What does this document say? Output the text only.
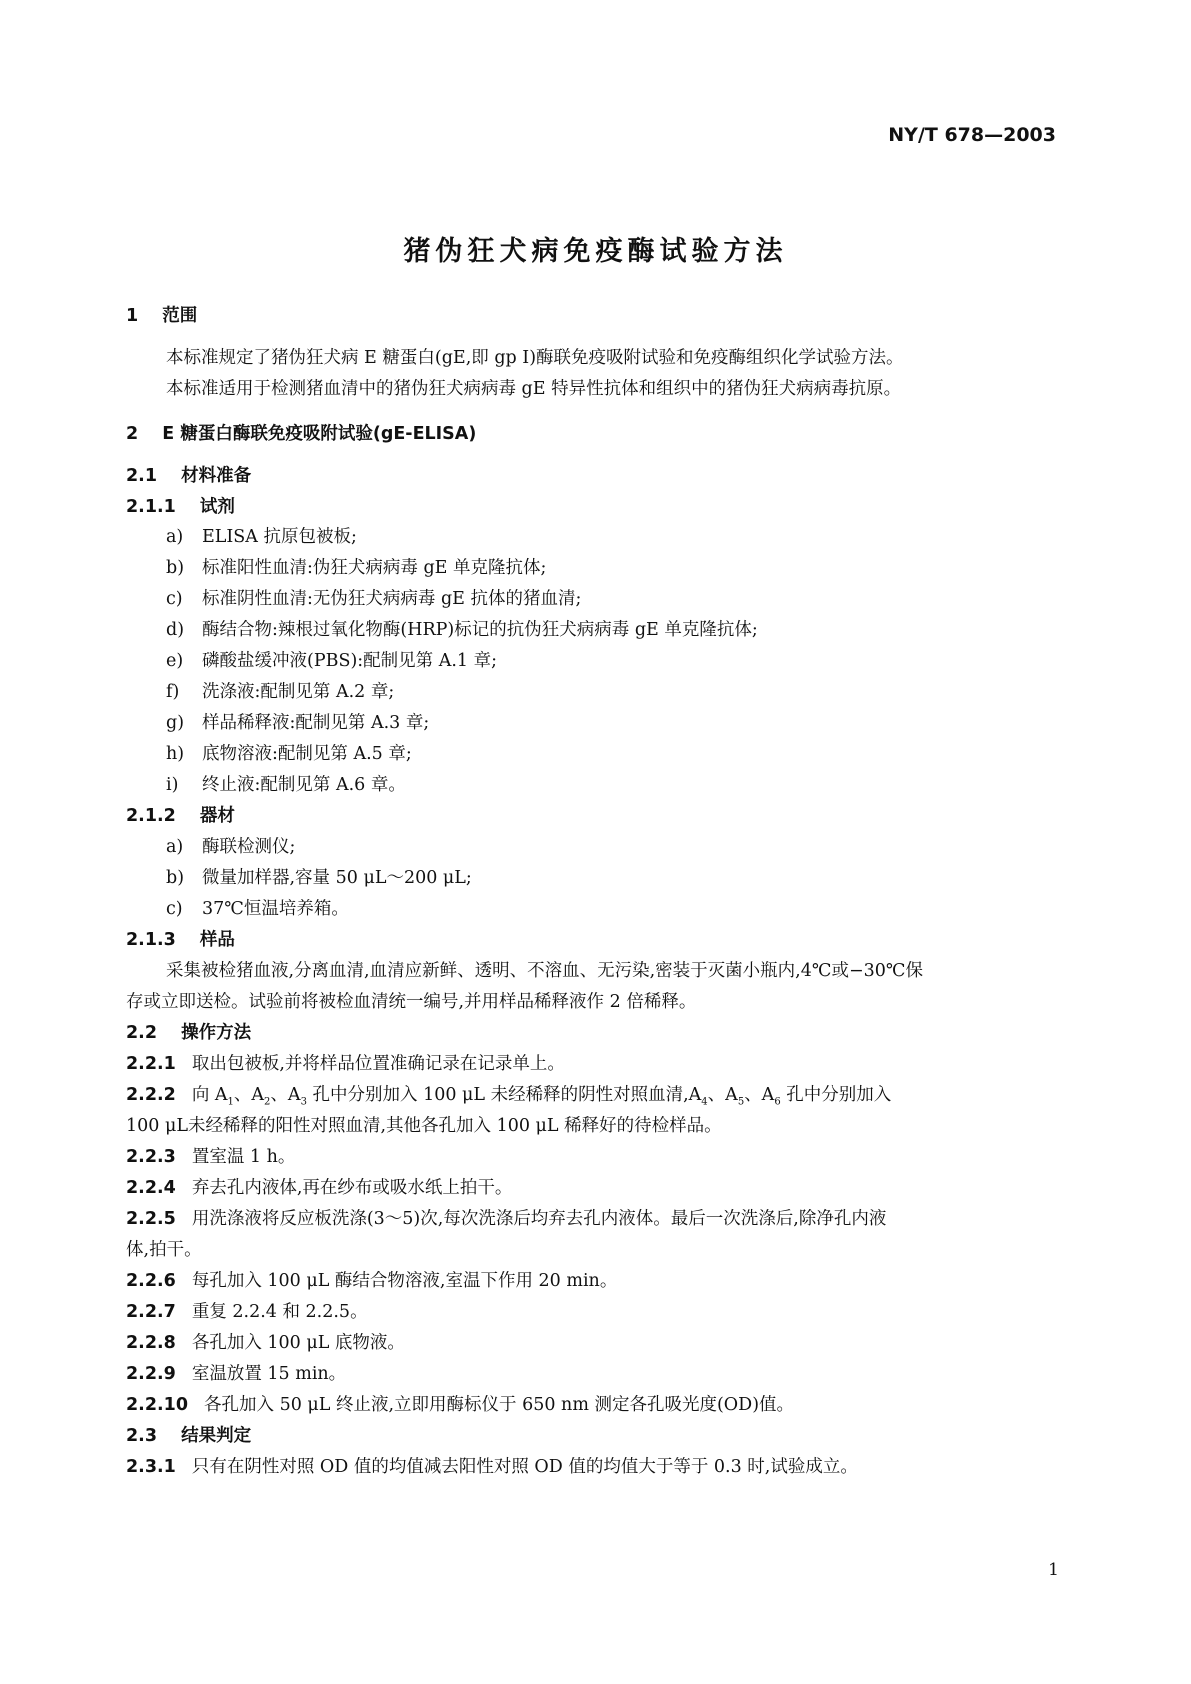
NY/T 678—2003
猪伪狂犬病免疫酶试验方法
1 范围
本标准规定了猪伪狂犬病 E 糖蛋白(gE,即 gp Ⅰ)酶联免疫吸附试验和免疫酶组织化学试验方法。
本标准适用于检测猪血清中的猪伪狂犬病病毒 gE 特异性抗体和组织中的猪伪狂犬病病毒抗原。
2 E 糖蛋白酶联免疫吸附试验(gE-ELISA)
2.1 材料准备
2.1.1 试剂
a) ELISA 抗原包被板;
b) 标准阳性血清:伪狂犬病病毒 gE 单克隆抗体;
c) 标准阴性血清:无伪狂犬病病毒 gE 抗体的猪血清;
d) 酶结合物:辣根过氧化物酶(HRP)标记的抗伪狂犬病病毒 gE 单克隆抗体;
e) 磷酸盐缓冲液(PBS):配制见第 A.1 章;
f) 洗涤液:配制见第 A.2 章;
g) 样品稀释液:配制见第 A.3 章;
h) 底物溶液:配制见第 A.5 章;
i) 终止液:配制见第 A.6 章。
2.1.2 器材
a) 酶联检测仪;
b) 微量加样器,容量 50 μL～200 μL;
c) 37℃恒温培养箱。
2.1.3 样品
采集被检猪血液,分离血清,血清应新鲜、透明、不溶血、无污染,密装于灭菌小瓶内,4℃或−30℃保
存或立即送检。试验前将被检血清统一编号,并用样品稀释液作 2 倍稀释。
2.2 操作方法
2.2.1 取出包被板,并将样品位置准确记录在记录单上。
2.2.2 向 $A_1$、$A_2$、$A_3$ 孔中分别加入 100 μL 未经稀释的阴性对照血清$,A_4$、$A_5$、$A_6$ 孔中分别加入
100 μL未经稀释的阳性对照血清,其他各孔加入 100 μL 稀释好的待检样品。
2.2.3 置室温 1 h。
2.2.4 弃去孔内液体,再在纱布或吸水纸上拍干。
2.2.5 用洗涤液将反应板洗涤(3～5)次,每次洗涤后均弃去孔内液体。最后一次洗涤后,除净孔内液
体,拍干。
2.2.6 每孔加入 100 μL 酶结合物溶液,室温下作用 20 min。
2.2.7 重复 2.2.4 和 2.2.5。
2.2.8 各孔加入 100 μL 底物液。
2.2.9 室温放置 15 min。
2.2.10 各孔加入 50 μL 终止液,立即用酶标仪于 650 nm 测定各孔吸光度(OD)值。
2.3 结果判定
2.3.1 只有在阴性对照 OD 值的均值减去阳性对照 OD 值的均值大于等于 0.3 时,试验成立。
1
